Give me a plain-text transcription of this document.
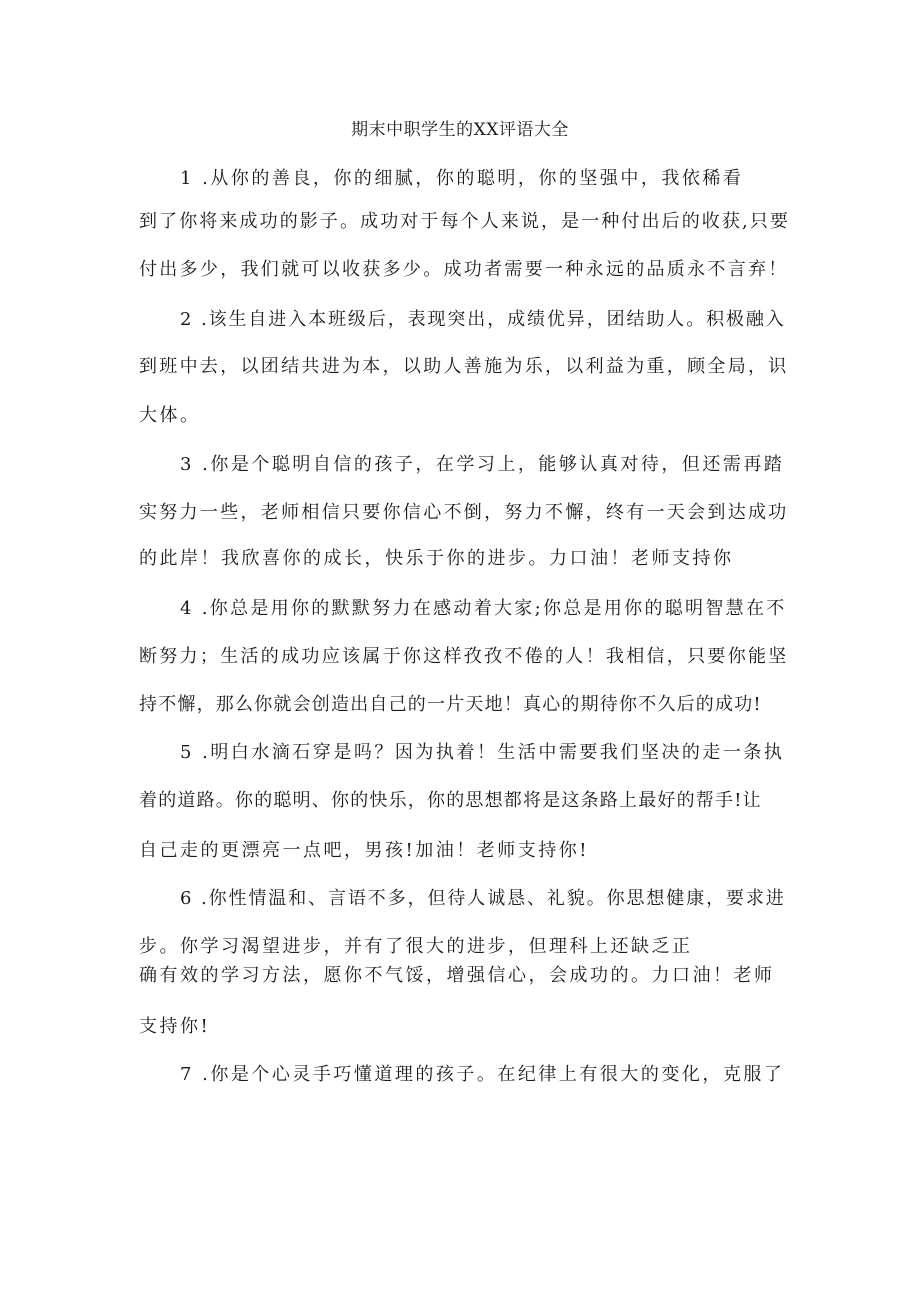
期末中职学生的XX评语大全
1 .从你的善良，你的细腻，你的聪明，你的坚强中，我依稀看
到了你将来成功的影子。成功对于每个人来说，是一种付出后的收获,只要
付出多少，我们就可以收获多少。成功者需要一种永远的品质永不言弃！
2 .该生自进入本班级后，表现突出，成绩优异，团结助人。积极融入
到班中去，以团结共进为本，以助人善施为乐，以利益为重，顾全局，识
大体。
3 .你是个聪明自信的孩子，在学习上，能够认真对待，但还需再踏
实努力一些，老师相信只要你信心不倒，努力不懈，终有一天会到达成功
的此岸！我欣喜你的成长，快乐于你的进步。力口油！老师支持你
4 .你总是用你的默默努力在感动着大家;你总是用你的聪明智慧在不
断努力；生活的成功应该属于你这样孜孜不倦的人！我相信，只要你能坚
持不懈，那么你就会创造出自己的一片天地！真心的期待你不久后的成功!
5 .明白水滴石穿是吗？因为执着！生活中需要我们坚决的走一条执
着的道路。你的聪明、你的快乐，你的思想都将是这条路上最好的帮手!让
自己走的更漂亮一点吧，男孩!加油！老师支持你!
6 .你性情温和、言语不多，但待人诚恳、礼貌。你思想健康，要求进
步。你学习渴望进步，并有了很大的进步，但理科上还缺乏正
确有效的学习方法，愿你不气馁，增强信心，会成功的。力口油！老师
支持你!
7 .你是个心灵手巧懂道理的孩子。在纪律上有很大的变化，克服了
